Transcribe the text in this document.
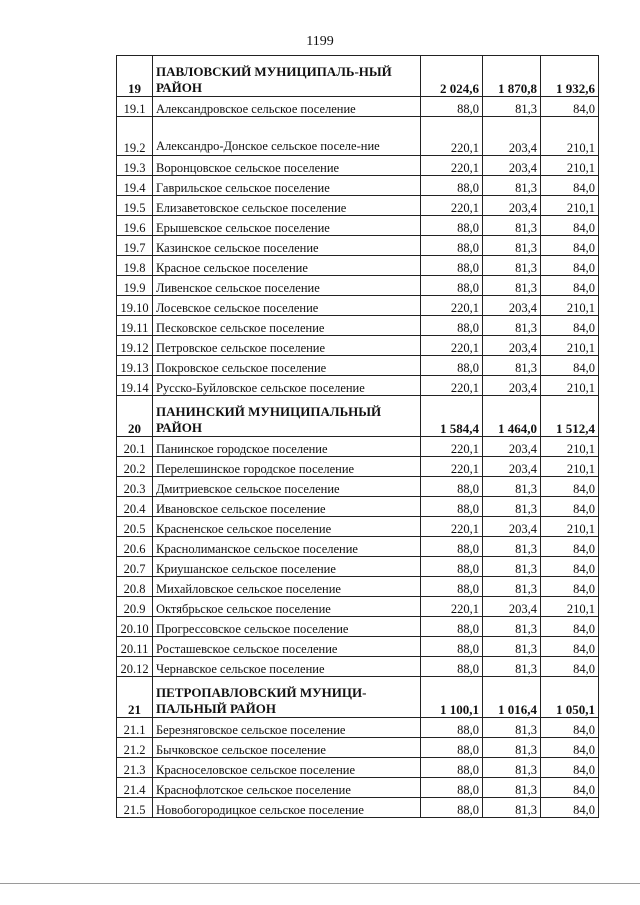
1199
19	ПАВЛОВСКИЙ МУНИЦИПАЛЬ-НЫЙ РАЙОН	2 024,6	1 870,8	1 932,6
19.1	Александровское сельское поселение	88,0	81,3	84,0
19.2	Александро-Донское сельское поселе-ние	220,1	203,4	210,1
19.3	Воронцовское сельское поселение	220,1	203,4	210,1
19.4	Гаврильское сельское поселение	88,0	81,3	84,0
19.5	Елизаветовское сельское поселение	220,1	203,4	210,1
19.6	Ерышевское сельское поселение	88,0	81,3	84,0
19.7	Казинское сельское поселение	88,0	81,3	84,0
19.8	Красное сельское поселение	88,0	81,3	84,0
19.9	Ливенское сельское поселение	88,0	81,3	84,0
19.10	Лосевское сельское поселение	220,1	203,4	210,1
19.11	Песковское сельское поселение	88,0	81,3	84,0
19.12	Петровское сельское поселение	220,1	203,4	210,1
19.13	Покровское сельское поселение	88,0	81,3	84,0
19.14	Русско-Буйловское сельское поселение	220,1	203,4	210,1
20	ПАНИНСКИЙ МУНИЦИПАЛЬНЫЙ РАЙОН	1 584,4	1 464,0	1 512,4
20.1	Панинское городское поселение	220,1	203,4	210,1
20.2	Перелешинское городское поселение	220,1	203,4	210,1
20.3	Дмитриевское сельское поселение	88,0	81,3	84,0
20.4	Ивановское сельское поселение	88,0	81,3	84,0
20.5	Красненское сельское поселение	220,1	203,4	210,1
20.6	Краснолиманское сельское поселение	88,0	81,3	84,0
20.7	Криушанское сельское поселение	88,0	81,3	84,0
20.8	Михайловское сельское поселение	88,0	81,3	84,0
20.9	Октябрьское сельское поселение	220,1	203,4	210,1
20.10	Прогрессовское сельское поселение	88,0	81,3	84,0
20.11	Росташевское сельское поселение	88,0	81,3	84,0
20.12	Чернавское сельское поселение	88,0	81,3	84,0
21	ПЕТРОПАВЛОВСКИЙ МУНИЦИ-ПАЛЬНЫЙ РАЙОН	1 100,1	1 016,4	1 050,1
21.1	Березняговское сельское поселение	88,0	81,3	84,0
21.2	Бычковское сельское поселение	88,0	81,3	84,0
21.3	Красноселовское сельское поселение	88,0	81,3	84,0
21.4	Краснофлотское сельское поселение	88,0	81,3	84,0
21.5	Новобогородицкое сельское поселение	88,0	81,3	84,0
